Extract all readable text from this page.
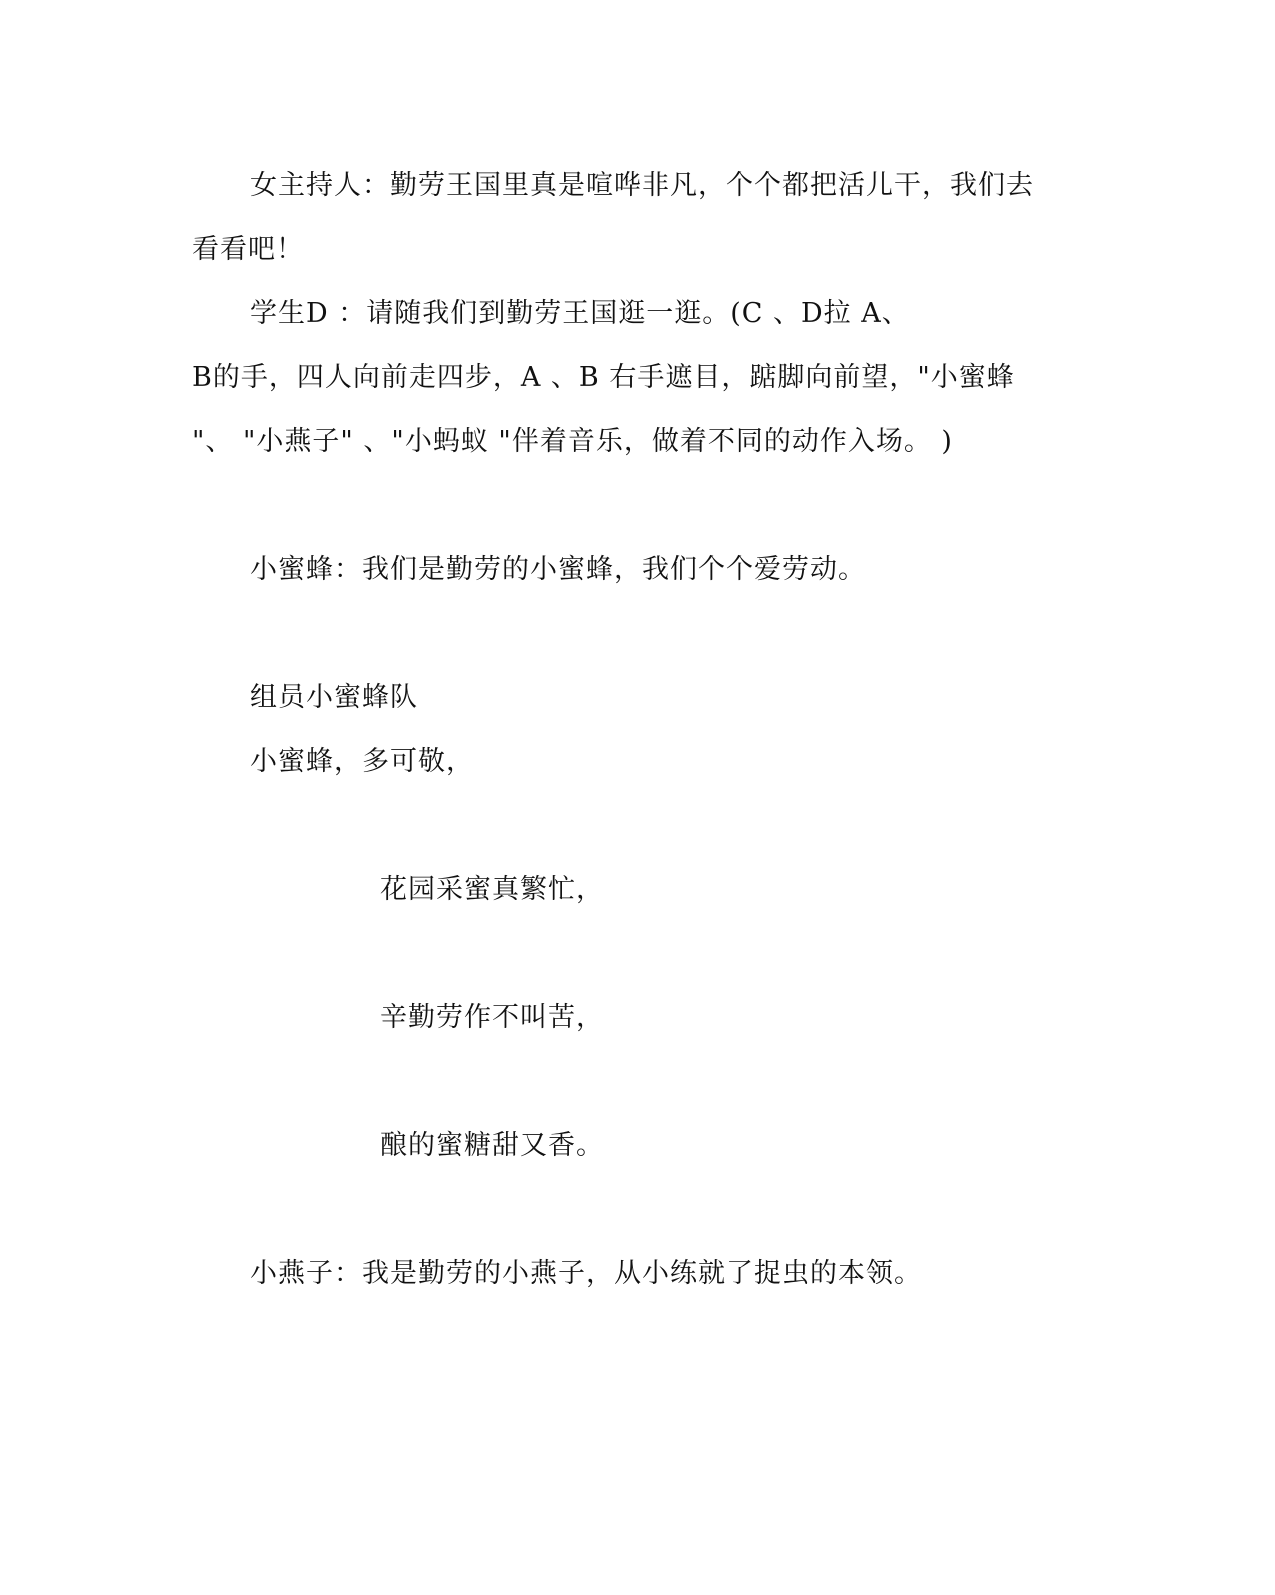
女主持人：勤劳王国里真是喧哗非凡，个个都把活儿干，我们去
看看吧！
学生D ：请随我们到勤劳王国逛一逛。(C 、D拉 A、
B的手，四人向前走四步，A 、B 右手遮目，踮脚向前望，"小蜜蜂
"、 "小燕子" 、"小蚂蚁 "伴着音乐，做着不同的动作入场。 )
小蜜蜂：我们是勤劳的小蜜蜂，我们个个爱劳动。
组员小蜜蜂队
小蜜蜂，多可敬，
花园采蜜真繁忙，
辛勤劳作不叫苦，
酿的蜜糖甜又香。
小燕子：我是勤劳的小燕子，从小练就了捉虫的本领。
